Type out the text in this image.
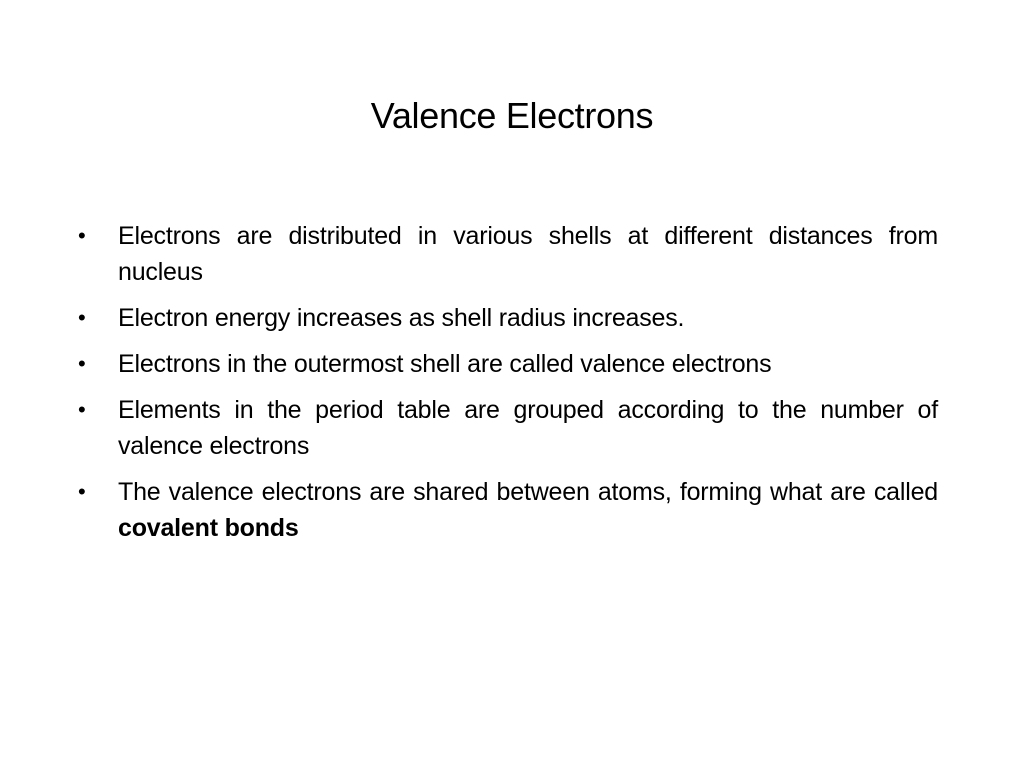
Valence Electrons
•	Electrons are distributed in various shells at different distances from nucleus
•	Electron energy increases as shell radius increases.
•	Electrons in the outermost shell are called valence electrons
•	Elements in the period table are grouped according to the number of valence electrons
•	The valence electrons are shared between atoms, forming what are called covalent bonds
